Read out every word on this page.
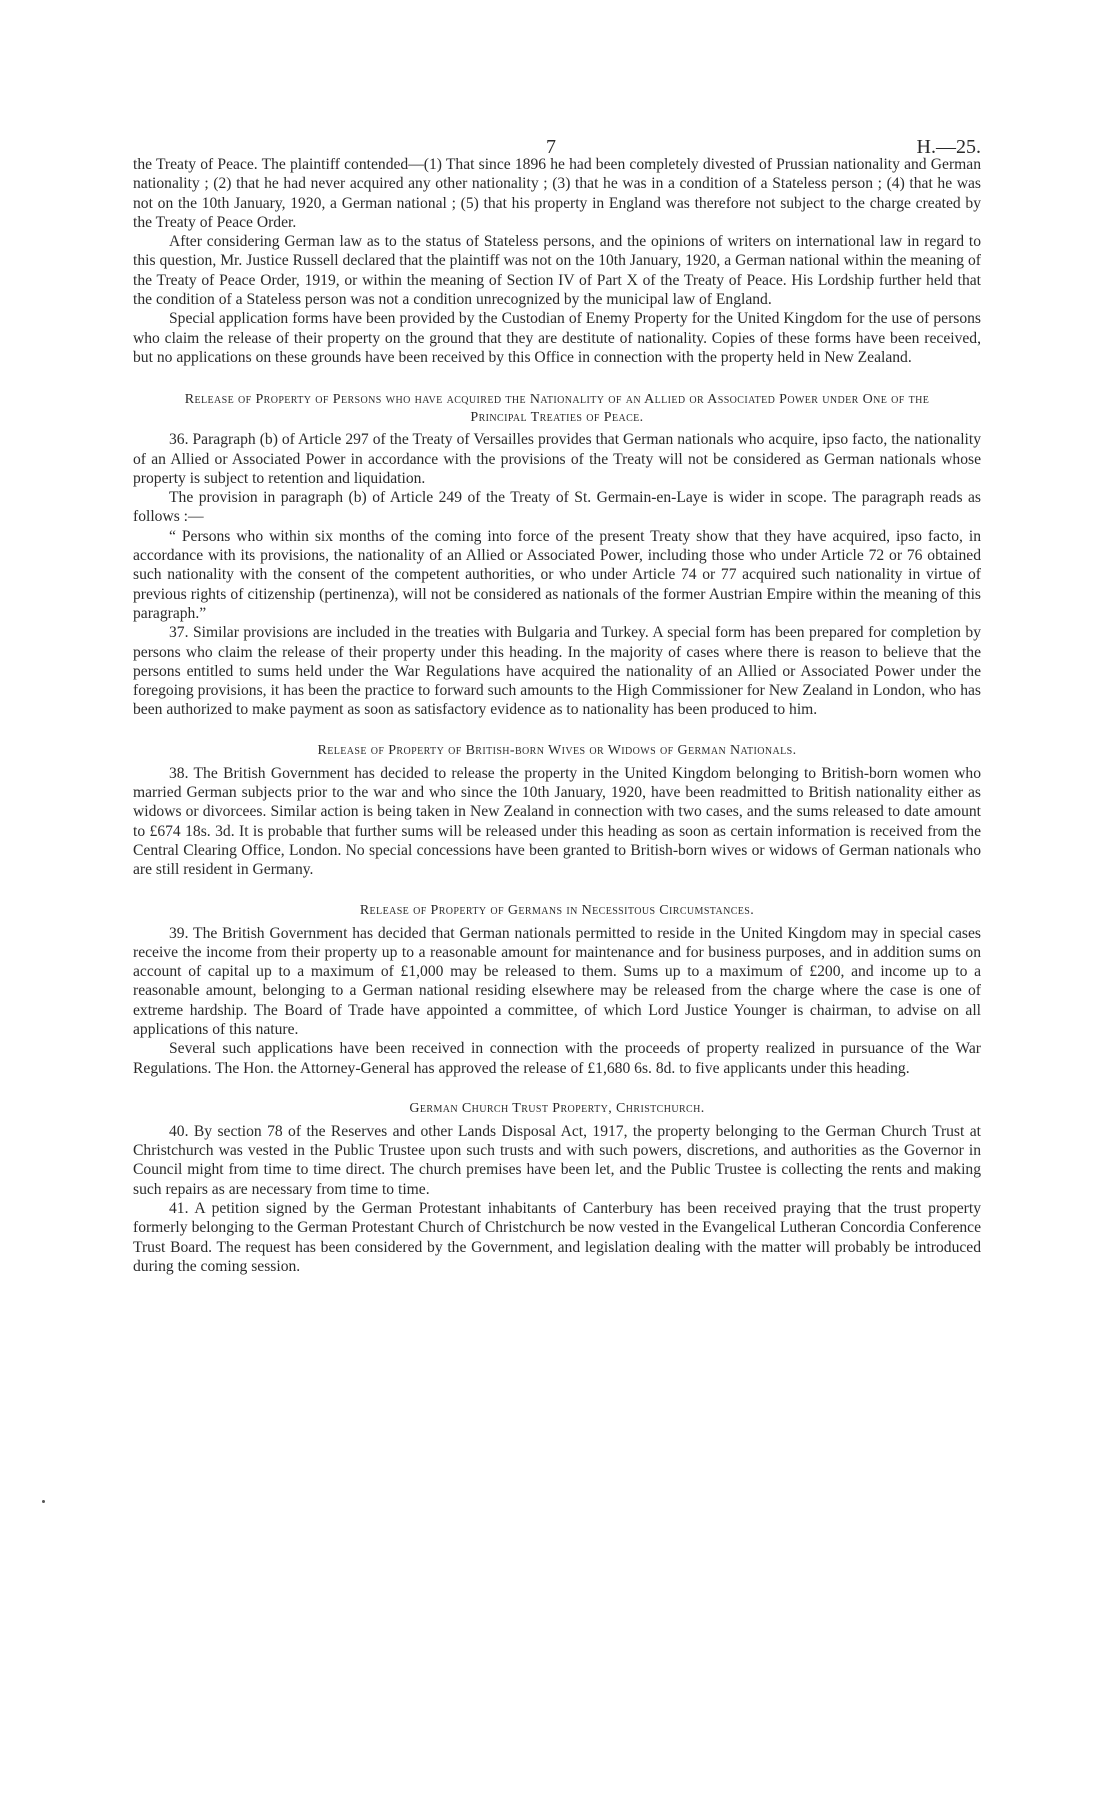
7	H.—25.

the Treaty of Peace. The plaintiff contended—(1) That since 1896 he had been completely divested of Prussian nationality and German nationality ; (2) that he had never acquired any other nationality ; (3) that he was in a condition of a Stateless person ; (4) that he was not on the 10th January, 1920, a German national ; (5) that his property in England was therefore not subject to the charge created by the Treaty of Peace Order.

After considering German law as to the status of Stateless persons, and the opinions of writers on international law in regard to this question, Mr. Justice Russell declared that the plaintiff was not on the 10th January, 1920, a German national within the meaning of the Treaty of Peace Order, 1919, or within the meaning of Section IV of Part X of the Treaty of Peace. His Lordship further held that the condition of a Stateless person was not a condition unrecognized by the municipal law of England.

Special application forms have been provided by the Custodian of Enemy Property for the United Kingdom for the use of persons who claim the release of their property on the ground that they are destitute of nationality. Copies of these forms have been received, but no applications on these grounds have been received by this Office in connection with the property held in New Zealand.

Release of Property of Persons who have acquired the Nationality of an Allied or Associated Power under One of the Principal Treaties of Peace.

36. Paragraph (b) of Article 297 of the Treaty of Versailles provides that German nationals who acquire, ipso facto, the nationality of an Allied or Associated Power in accordance with the provisions of the Treaty will not be considered as German nationals whose property is subject to retention and liquidation.

The provision in paragraph (b) of Article 249 of the Treaty of St. Germain-en-Laye is wider in scope. The paragraph reads as follows :—

“ Persons who within six months of the coming into force of the present Treaty show that they have acquired, ipso facto, in accordance with its provisions, the nationality of an Allied or Associated Power, including those who under Article 72 or 76 obtained such nationality with the consent of the competent authorities, or who under Article 74 or 77 acquired such nationality in virtue of previous rights of citizenship (pertinenza), will not be considered as nationals of the former Austrian Empire within the meaning of this paragraph.”

37. Similar provisions are included in the treaties with Bulgaria and Turkey. A special form has been prepared for completion by persons who claim the release of their property under this heading. In the majority of cases where there is reason to believe that the persons entitled to sums held under the War Regulations have acquired the nationality of an Allied or Associated Power under the foregoing provisions, it has been the practice to forward such amounts to the High Commissioner for New Zealand in London, who has been authorized to make payment as soon as satisfactory evidence as to nationality has been produced to him.

Release of Property of British-born Wives or Widows of German Nationals.

38. The British Government has decided to release the property in the United Kingdom belonging to British-born women who married German subjects prior to the war and who since the 10th January, 1920, have been readmitted to British nationality either as widows or divorcees. Similar action is being taken in New Zealand in connection with two cases, and the sums released to date amount to £674 18s. 3d. It is probable that further sums will be released under this heading as soon as certain information is received from the Central Clearing Office, London. No special concessions have been granted to British-born wives or widows of German nationals who are still resident in Germany.

Release of Property of Germans in Necessitous Circumstances.

39. The British Government has decided that German nationals permitted to reside in the United Kingdom may in special cases receive the income from their property up to a reasonable amount for maintenance and for business purposes, and in addition sums on account of capital up to a maximum of £1,000 may be released to them. Sums up to a maximum of £200, and income up to a reasonable amount, belonging to a German national residing elsewhere may be released from the charge where the case is one of extreme hardship. The Board of Trade have appointed a committee, of which Lord Justice Younger is chairman, to advise on all applications of this nature.

Several such applications have been received in connection with the proceeds of property realized in pursuance of the War Regulations. The Hon. the Attorney-General has approved the release of £1,680 6s. 8d. to five applicants under this heading.

German Church Trust Property, Christchurch.

40. By section 78 of the Reserves and other Lands Disposal Act, 1917, the property belonging to the German Church Trust at Christchurch was vested in the Public Trustee upon such trusts and with such powers, discretions, and authorities as the Governor in Council might from time to time direct. The church premises have been let, and the Public Trustee is collecting the rents and making such repairs as are necessary from time to time.

41. A petition signed by the German Protestant inhabitants of Canterbury has been received praying that the trust property formerly belonging to the German Protestant Church of Christchurch be now vested in the Evangelical Lutheran Concordia Conference Trust Board. The request has been considered by the Government, and legislation dealing with the matter will probably be introduced during the coming session.
